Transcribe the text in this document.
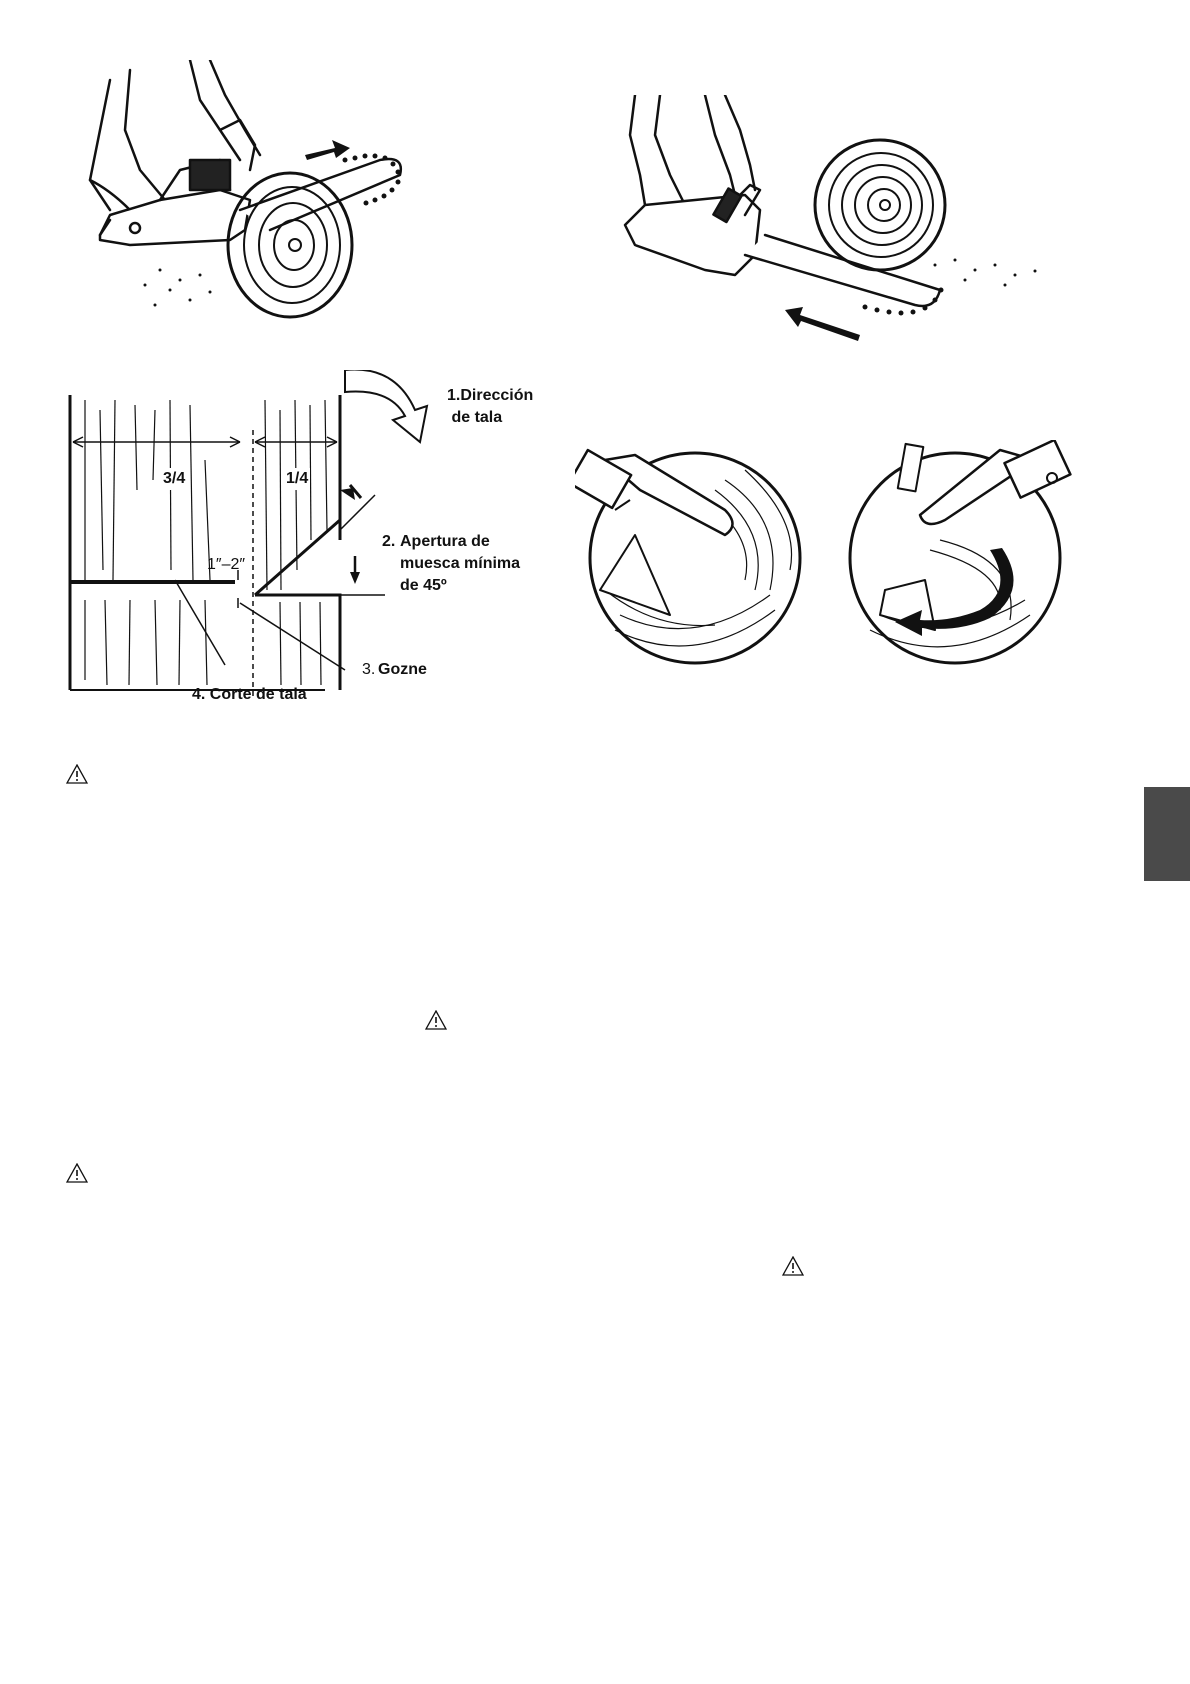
1.Dirección
de tala
3/4	1/4
1″–2″
2. Apertura de
muesca mínima
de 45º
3. Gozne
4. Corte de tala
